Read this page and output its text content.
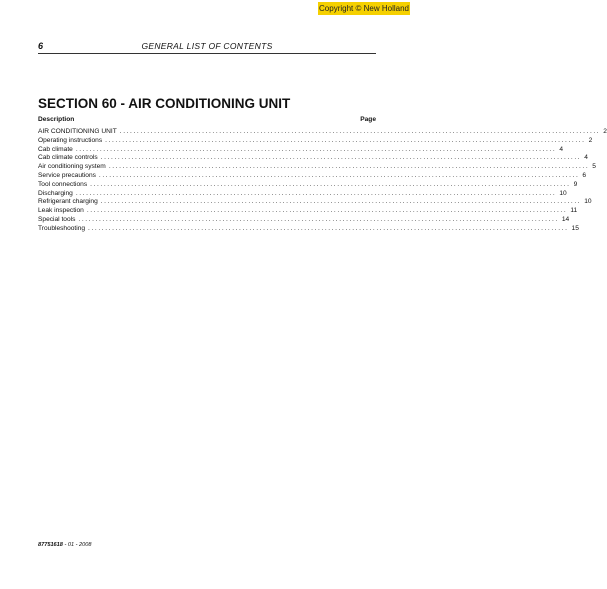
Copyright © New Holland
6	GENERAL LIST OF CONTENTS
SECTION 60 - AIR CONDITIONING UNIT
Description	Page
AIR CONDITIONING UNIT ............................................................................................................................................ 2
Operating instructions ............................................................................................................................................ 2
Cab climate ............................................................................................................................................ 4
Cab climate controls ............................................................................................................................................ 4
Air conditioning system ............................................................................................................................................ 5
Service precautions ............................................................................................................................................ 6
Tool connections ............................................................................................................................................ 9
Discharging ............................................................................................................................................ 10
Refrigerant charging ............................................................................................................................................ 10
Leak inspection ............................................................................................................................................ 11
Special tools ............................................................................................................................................ 14
Troubleshooting ............................................................................................................................................ 15
87751618 - 01 - 2008
